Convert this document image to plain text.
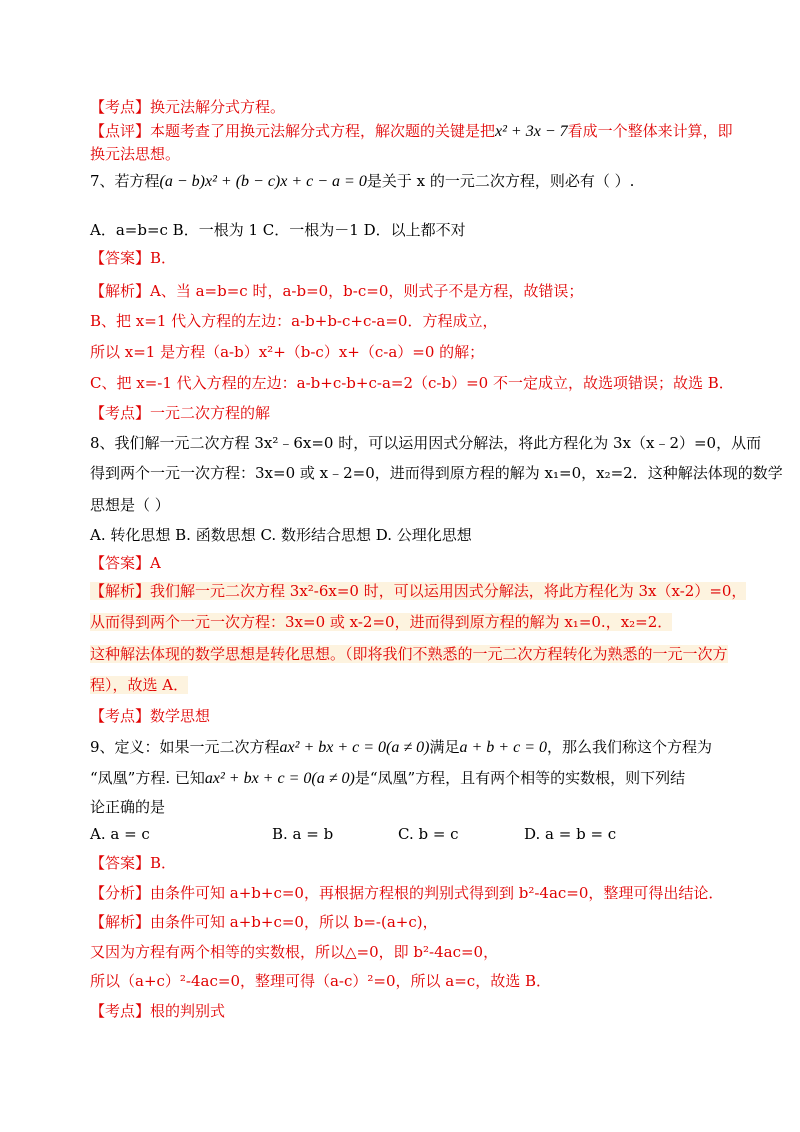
【考点】换元法解分式方程。
【点评】本题考查了用换元法解分式方程，解次题的关键是把x² + 3x − 7看成一个整体来计算，即
换元法思想。
7、若方程(a − b)x² + (b − c)x + c − a = 0是关于 x 的一元二次方程，则必有（ ）.
A．a=b=c B．一根为 1 C．一根为－1 D．以上都不对
【答案】B．
【解析】A、当 a=b=c 时，a-b=0，b-c=0，则式子不是方程，故错误；
B、把 x=1 代入方程的左边：a-b+b-c+c-a=0．方程成立，
所以 x=1 是方程（a-b）x²+（b-c）x+（c-a）=0 的解；
C、把 x=-1 代入方程的左边：a-b+c-b+c-a=2（c-b）=0 不一定成立，故选项错误；故选 B．
【考点】一元二次方程的解
8、我们解一元二次方程 3x²﹣6x=0 时，可以运用因式分解法，将此方程化为 3x（x﹣2）=0，从而
得到两个一元一次方程：3x=0 或 x﹣2=0，进而得到原方程的解为 x₁=0，x₂=2．这种解法体现的数学
思想是（ ）
A. 转化思想 B. 函数思想 C. 数形结合思想 D. 公理化思想
【答案】A
【解析】我们解一元二次方程 3x²-6x=0 时，可以运用因式分解法，将此方程化为 3x（x-2）=0，
从而得到两个一元一次方程：3x=0 或 x-2=0，进而得到原方程的解为 x₁=0.，x₂=2．
这种解法体现的数学思想是转化思想。（即将我们不熟悉的一元二次方程转化为熟悉的一元一次方
程），故选 A．
【考点】数学思想
9、定义：如果一元二次方程ax² + bx + c = 0(a ≠ 0)满足a + b + c = 0，那么我们称这个方程为
“凤凰”方程. 已知ax² + bx + c = 0(a ≠ 0)是“凤凰”方程，且有两个相等的实数根，则下列结
论正确的是
A. a = c	B. a = b	C. b = c	D. a = b = c
【答案】B．
【分析】由条件可知 a+b+c=0，再根据方程根的判别式得到到 b²-4ac=0，整理可得出结论．
【解析】由条件可知 a+b+c=0，所以 b=-(a+c)，
又因为方程有两个相等的实数根，所以△=0，即 b²-4ac=0，
所以（a+c）²-4ac=0，整理可得（a-c）²=0，所以 a=c，故选 B．
【考点】根的判别式
